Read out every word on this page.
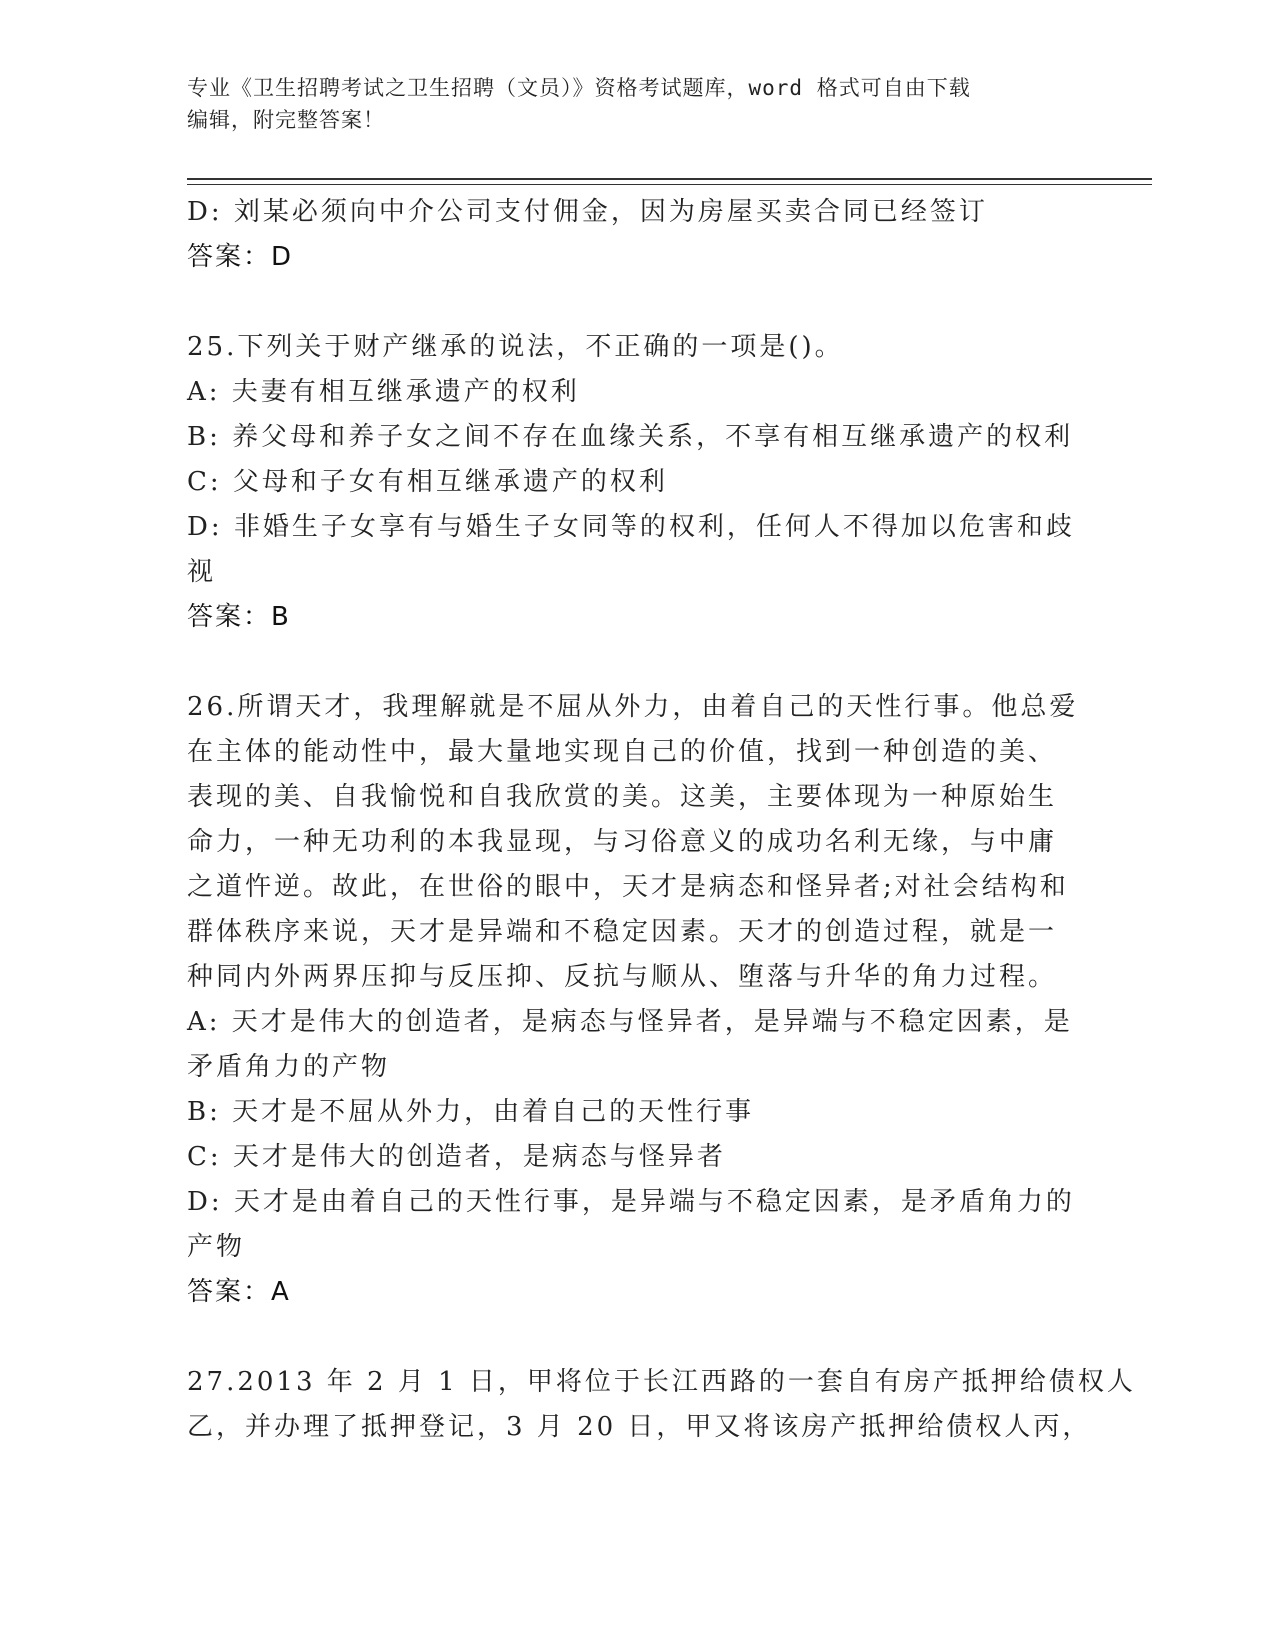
专业《卫生招聘考试之卫生招聘（文员）》资格考试题库，word 格式可自由下载
编辑，附完整答案！
D: 刘某必须向中介公司支付佣金，因为房屋买卖合同已经签订
答案：D
25.下列关于财产继承的说法，不正确的一项是()。
A: 夫妻有相互继承遗产的权利
B: 养父母和养子女之间不存在血缘关系，不享有相互继承遗产的权利
C: 父母和子女有相互继承遗产的权利
D: 非婚生子女享有与婚生子女同等的权利，任何人不得加以危害和歧
视
答案：B
26.所谓天才，我理解就是不屈从外力，由着自己的天性行事。他总爱
在主体的能动性中，最大量地实现自己的价值，找到一种创造的美、
表现的美、自我愉悦和自我欣赏的美。这美，主要体现为一种原始生
命力，一种无功利的本我显现，与习俗意义的成功名利无缘，与中庸
之道忤逆。故此，在世俗的眼中，天才是病态和怪异者;对社会结构和
群体秩序来说，天才是异端和不稳定因素。天才的创造过程，就是一
种同内外两界压抑与反压抑、反抗与顺从、堕落与升华的角力过程。
A: 天才是伟大的创造者，是病态与怪异者，是异端与不稳定因素，是
矛盾角力的产物
B: 天才是不屈从外力，由着自己的天性行事
C: 天才是伟大的创造者，是病态与怪异者
D: 天才是由着自己的天性行事，是异端与不稳定因素，是矛盾角力的
产物
答案：A
27.2013 年 2 月 1 日，甲将位于长江西路的一套自有房产抵押给债权人
乙，并办理了抵押登记，3 月 20 日，甲又将该房产抵押给债权人丙，
